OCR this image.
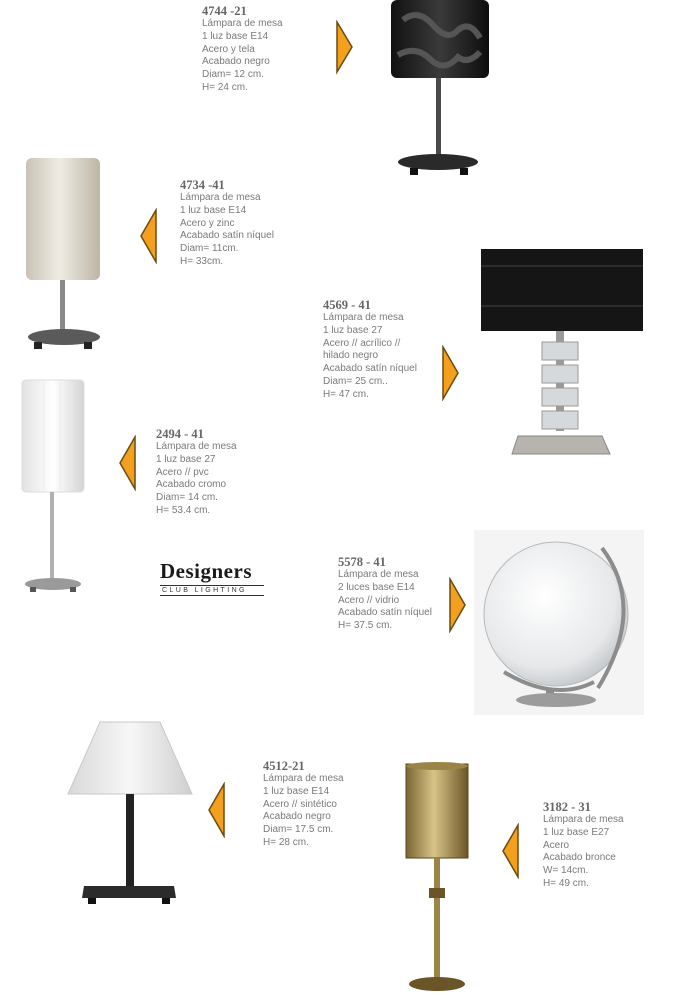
4744 -21
Lámpara de mesa
1 luz base E14
Acero y tela
Acabado negro
Diam= 12 cm.
H= 24 cm.
4734 -41
Lámpara de mesa
1 luz base E14
Acero y zinc
Acabado satín níquel
Diam= 11cm.
H= 33cm.
4569 - 41
Lámpara de mesa
1 luz base 27
Acero // acrílico //
hilado negro
Acabado satín níquel
Diam= 25 cm..
H= 47 cm.
2494 - 41
Lámpara de mesa
1 luz base 27
Acero // pvc
Acabado cromo
Diam= 14 cm.
H= 53.4 cm.
Designers
CLUB LIGHTING
5578 - 41
Lámpara de mesa
2 luces base E14
Acero // vidrio
Acabado satín níquel
H= 37.5 cm.
4512-21
Lámpara de mesa
1 luz base E14
Acero // sintético
Acabado negro
Diam= 17.5 cm.
H= 28 cm.
3182 - 31
Lámpara de mesa
1 luz base E27
Acero
Acabado bronce
W= 14cm.
H= 49 cm.
